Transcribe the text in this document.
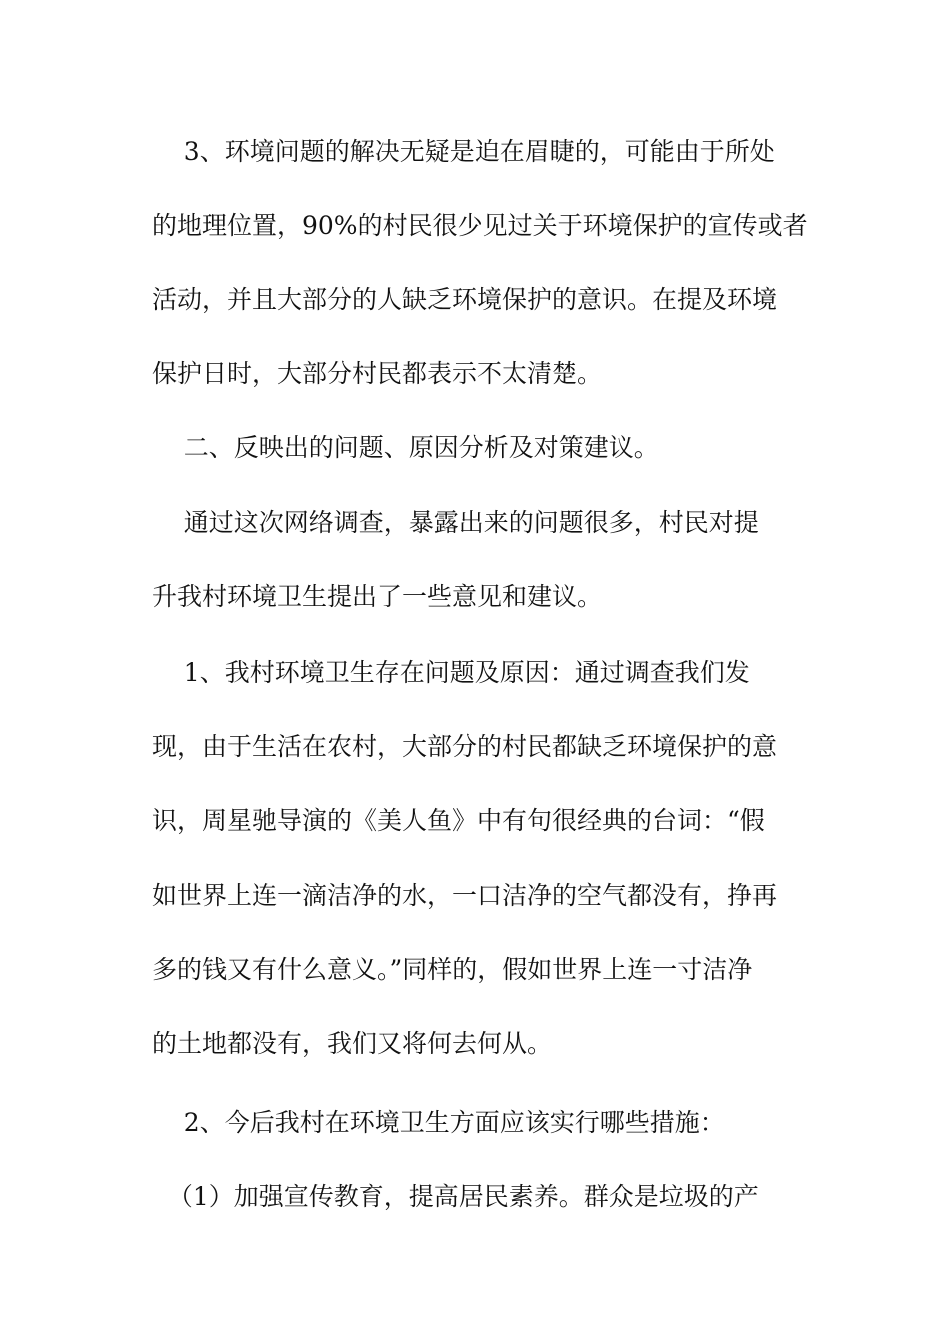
3、环境问题的解决无疑是迫在眉睫的，可能由于所处
的地理位置，90%的村民很少见过关于环境保护的宣传或者
活动，并且大部分的人缺乏环境保护的意识。在提及环境
保护日时，大部分村民都表示不太清楚。
二、反映出的问题、原因分析及对策建议。
通过这次网络调查，暴露出来的问题很多，村民对提
升我村环境卫生提出了一些意见和建议。
1、我村环境卫生存在问题及原因：通过调查我们发
现，由于生活在农村，大部分的村民都缺乏环境保护的意
识，周星驰导演的《美人鱼》中有句很经典的台词：“假
如世界上连一滴洁净的水，一口洁净的空气都没有，挣再
多的钱又有什么意义。”同样的，假如世界上连一寸洁净
的土地都没有，我们又将何去何从。
2、今后我村在环境卫生方面应该实行哪些措施：
（1）加强宣传教育，提高居民素养。群众是垃圾的产
